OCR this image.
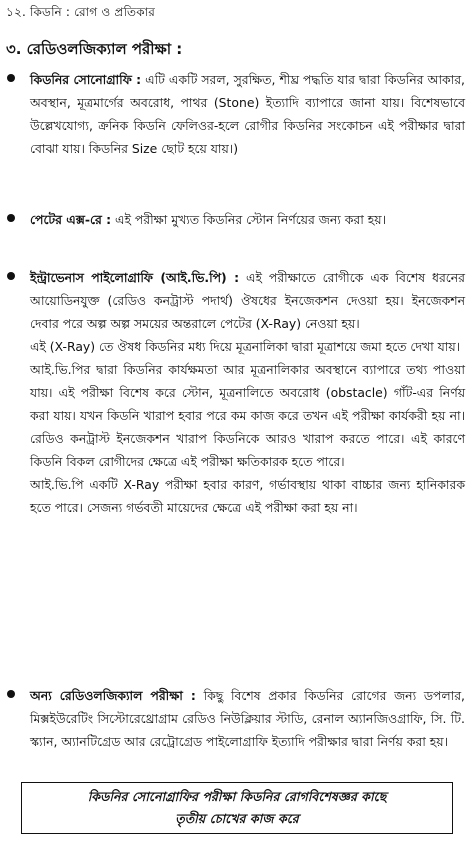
১২. কিডনি : রোগ ও প্রতিকার
৩. রেডিওলজিক্যাল পরীক্ষা :

কিডনির সোনোগ্রাফি : এটি একটি সরল, সুরক্ষিত, শীঘ্র পদ্ধতি যার দ্বারা কিডনির আকার, অবস্থান, মূত্রমার্গের অবরোধ, পাথর (Stone) ইত্যাদি ব্যাপারে জানা যায়। বিশেষভাবে উল্লেখযোগ্য, ক্রনিক কিডনি ফেলিওর-হলে রোগীর কিডনির সংকোচন এই পরীক্ষার দ্বারা বোঝা যায়। কিডনির Size ছোট হয়ে যায়।)

পেটের এক্স-রে : এই পরীক্ষা মুখ্যত কিডনির স্টোন নির্ণয়ের জন্য করা হয়।

ইন্ট্রাভেনাস পাইলোগ্রাফি (আই.ভি.পি) : এই পরীক্ষাতে রোগীকে এক বিশেষ ধরনের আয়োডিনযুক্ত (রেডিও কনট্রাস্ট পদার্থ) ঔষধের ইনজেকশন দেওয়া হয়। ইনজেকশন দেবার পরে অল্প অল্প সময়ের অন্তরালে পেটের (X-Ray) নেওয়া হয়।

এই (X-Ray) তে ঔষধ কিডনির মধ্য দিয়ে মূত্রনালিকা দ্বারা মূত্রাশয়ে জমা হতে দেখা যায়।

আই.ভি.পির দ্বারা কিডনির কার্যক্ষমতা আর মূত্রনালিকার অবস্থানে ব্যাপারে তথ্য পাওয়া যায়। এই পরীক্ষা বিশেষ করে স্টোন, মূত্রনালিতে অবরোধ (obstacle) গাঁট-এর নির্ণয় করা যায়। যখন কিডনি খারাপ হবার পরে কম কাজ করে তখন এই পরীক্ষা কার্যকরী হয় না। রেডিও কনট্রাস্ট ইনজেকশন খারাপ কিডনিকে আরও খারাপ করতে পারে। এই কারণে কিডনি বিকল রোগীদের ক্ষেত্রে এই পরীক্ষা ক্ষতিকারক হতে পারে।

আই.ভি.পি একটি X-Ray পরীক্ষা হবার কারণ, গর্ভাবস্থায় থাকা বাচ্চার জন্য হানিকারক হতে পারে। সেজন্য গর্ভবতী মায়েদের ক্ষেত্রে এই পরীক্ষা করা হয় না।

অন্য রেডিওলজিক্যাল পরীক্ষা : কিছু বিশেষ প্রকার কিডনির রোগের জন্য ডপলার, মিক্সইউরেটিং সিস্টোরেথ্রোগ্রাম রেডিও নিউক্লিয়ার স্টাডি, রেনাল অ্যানজিওগ্রাফি, সি. টি. স্ক্যান, অ্যানটিগ্রেড আর রেট্রোগ্রেড পাইলোগ্রাফি ইত্যাদি পরীক্ষার দ্বারা নির্ণয় করা হয়।

কিডনির সোনোগ্রাফির পরীক্ষা কিডনির রোগবিশেষজ্ঞর কাছে
তৃতীয় চোখের কাজ করে
